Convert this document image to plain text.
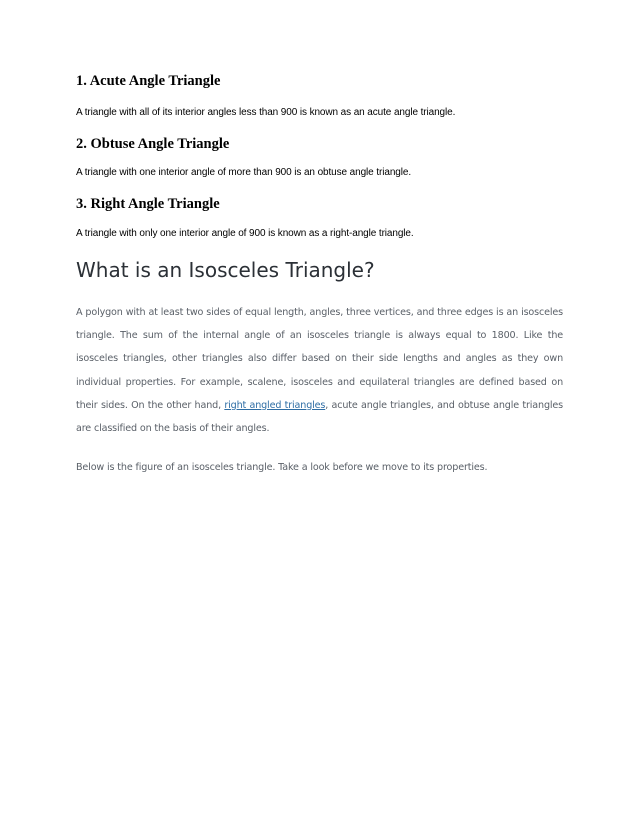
1. Acute Angle Triangle

A triangle with all of its interior angles less than 900 is known as an acute angle triangle.

2. Obtuse Angle Triangle

A triangle with one interior angle of more than 900 is an obtuse angle triangle.

3. Right Angle Triangle

A triangle with only one interior angle of 900 is known as a right-angle triangle.

What is an Isosceles Triangle?

A polygon with at least two sides of equal length, angles, three vertices, and three edges is an isosceles triangle. The sum of the internal angle of an isosceles triangle is always equal to 1800. Like the isosceles triangles, other triangles also differ based on their side lengths and angles as they own individual properties. For example, scalene, isosceles and equilateral triangles are defined based on their sides. On the other hand, right angled triangles, acute angle triangles, and obtuse angle triangles are classified on the basis of their angles.

Below is the figure of an isosceles triangle. Take a look before we move to its properties.
